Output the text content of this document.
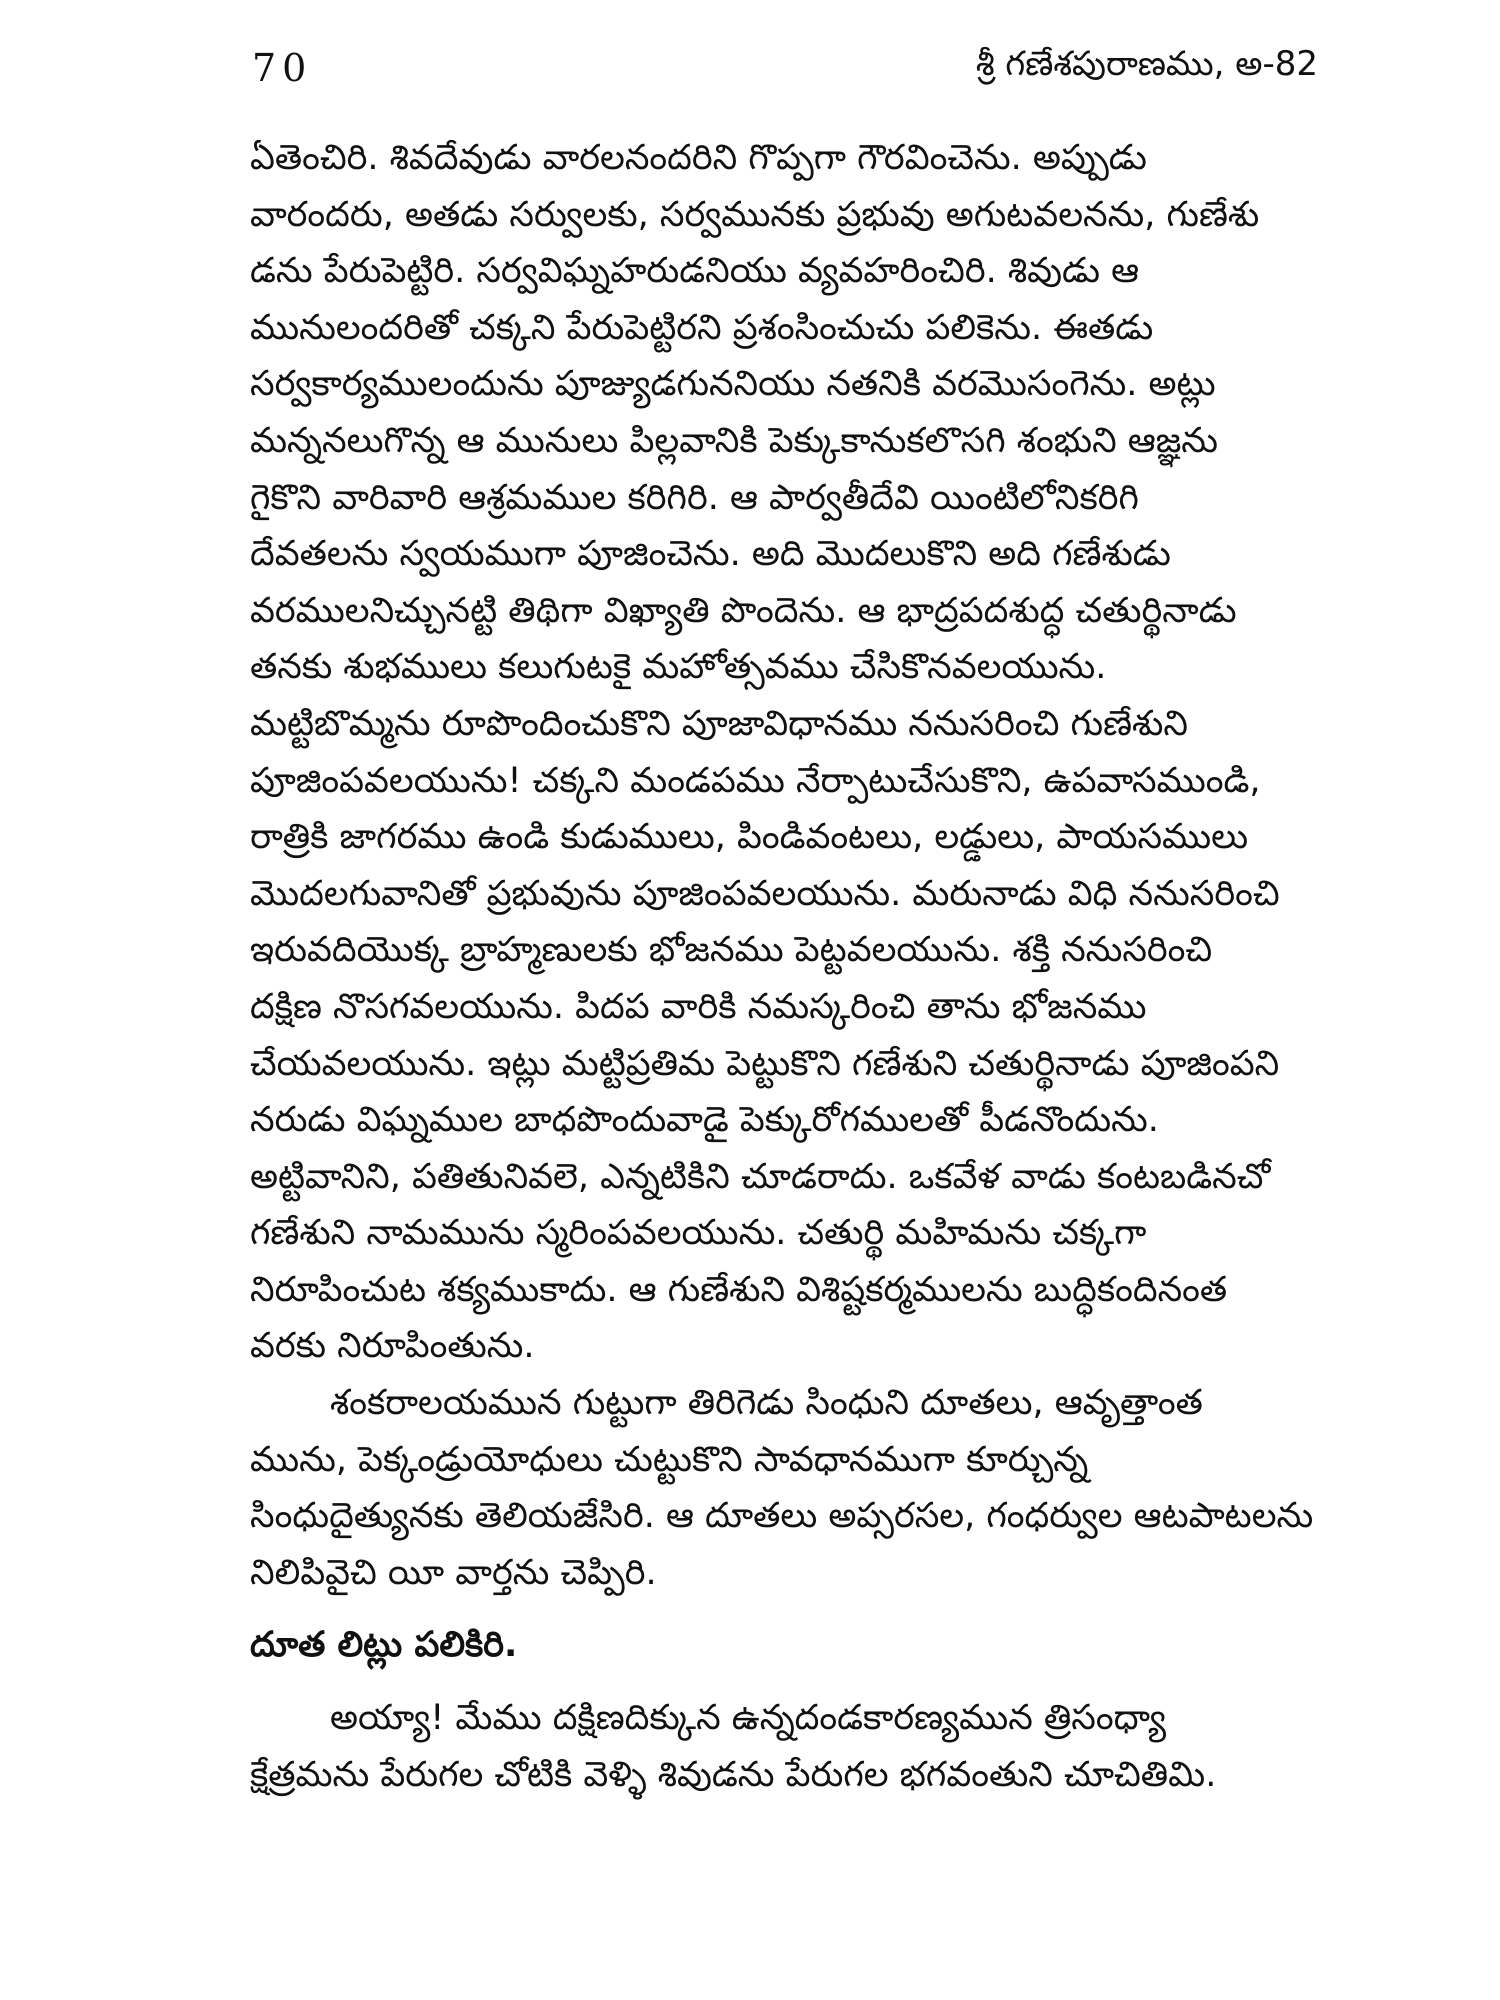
70	శ్రీ గణేశపురాణము, అ-82
ఏతెంచిరి. శివదేవుడు వారలనందరిని గొప్పగా గౌరవించెను. అప్పుడు
వారందరు, అతడు సర్వులకు, సర్వమునకు ప్రభువు అగుటవలనను, గుణేశు
డను పేరుపెట్టిరి. సర్వవిఘ్నహరుడనియు వ్యవహరించిరి. శివుడు ఆ
మునులందరితో చక్కని పేరుపెట్టిరని ప్రశంసించుచు పలికెను. ఈతడు
సర్వకార్యములందును పూజ్యుడగుననియు నతనికి వరమొసంగెను. అట్లు
మన్ననలుగొన్న ఆ మునులు పిల్లవానికి పెక్కుకానుకలొసగి శంభుని ఆజ్ఞను
గైకొని వారివారి ఆశ్రమముల కరిగిరి. ఆ పార్వతీదేవి యింటిలోనికరిగి
దేవతలను స్వయముగా పూజించెను. అది మొదలుకొని అది గణేశుడు
వరములనిచ్చునట్టి తిథిగా విఖ్యాతి పొందెను. ఆ భాద్రపదశుద్ధ చతుర్థినాడు
తనకు శుభములు కలుగుటకై మహోత్సవము చేసికొనవలయును.
మట్టిబొమ్మను రూపొందించుకొని పూజావిధానము ననుసరించి గుణేశుని
పూజింపవలయును! చక్కని మండపము నేర్పాటుచేసుకొని, ఉపవాసముండి,
రాత్రికి జాగరము ఉండి కుడుములు, పిండివంటలు, లడ్డులు, పాయసములు
మొదలగువానితో ప్రభువును పూజింపవలయును. మరునాడు విధి ననుసరించి
ఇరువదియొక్క బ్రాహ్మణులకు భోజనము పెట్టవలయును. శక్తి ననుసరించి
దక్షిణ నొసగవలయును. పిదప వారికి నమస్కరించి తాను భోజనము
చేయవలయును. ఇట్లు మట్టిప్రతిమ పెట్టుకొని గణేశుని చతుర్థినాడు పూజింపని
నరుడు విఘ్నముల బాధపొందువాడై పెక్కురోగములతో పీడనొందును.
అట్టివానిని, పతితునివలె, ఎన్నటికిని చూడరాదు. ఒకవేళ వాడు కంటబడినచో
గణేశుని నామమును స్మరింపవలయును. చతుర్థి మహిమను చక్కగా
నిరూపించుట శక్యముకాదు. ఆ గుణేశుని విశిష్టకర్మములను బుద్ధికందినంత
వరకు నిరూపింతును.
శంకరాలయమున గుట్టుగా తిరిగెడు సింధుని దూతలు, ఆవృత్తాంత
మును, పెక్కండ్రుయోధులు చుట్టుకొని సావధానముగా కూర్చున్న
సింధుదైత్యునకు తెలియజేసిరి. ఆ దూతలు అప్సరసల, గంధర్వుల ఆటపాటలను
నిలిపివైచి యీ వార్తను చెప్పిరి.
దూత లిట్లు పలికిరి.
అయ్యా! మేము దక్షిణదిక్కున ఉన్నదండకారణ్యమున త్రిసంధ్యా
క్షేత్రమను పేరుగల చోటికి వెళ్ళి శివుడను పేరుగల భగవంతుని చూచితిమి.
